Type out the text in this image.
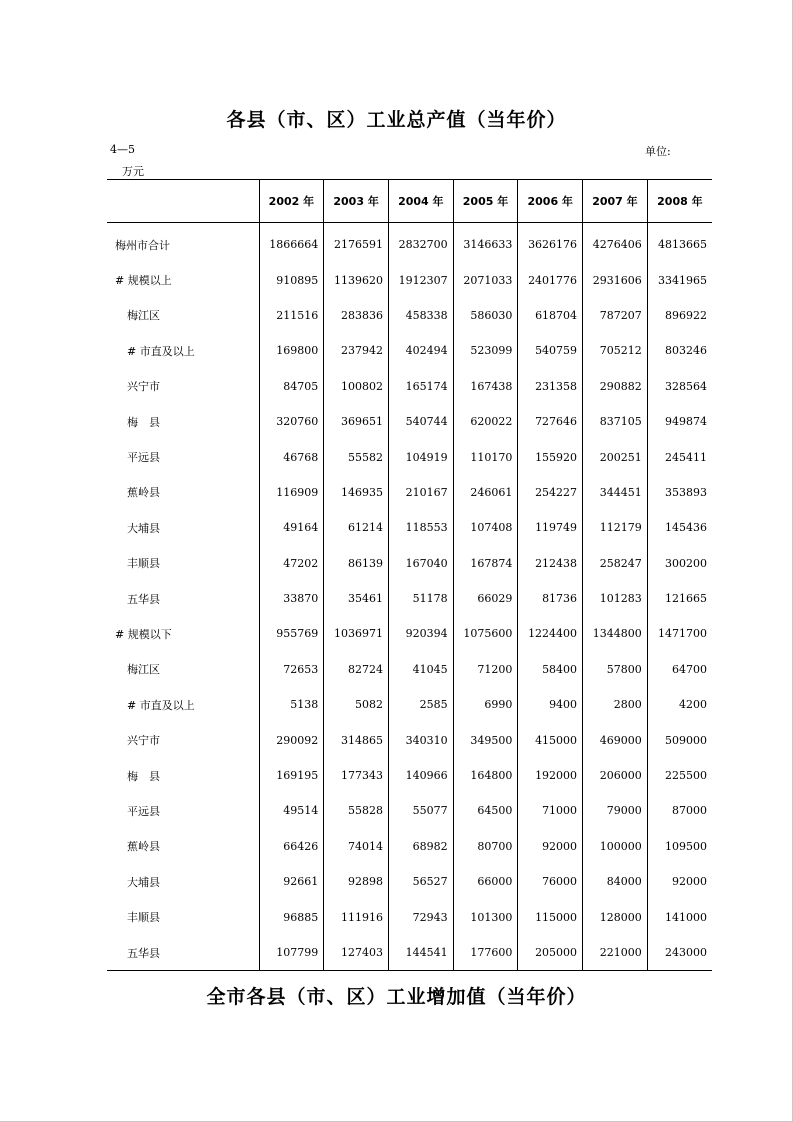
各县（市、区）工业总产值（当年价）
4—5	单位:
万元
	2002 年	2003 年	2004 年	2005 年	2006 年	2007 年	2008 年
梅州市合计	1866664	2176591	2832700	3146633	3626176	4276406	4813665
# 规模以上	910895	1139620	1912307	2071033	2401776	2931606	3341965
梅江区	211516	283836	458338	586030	618704	787207	896922
# 市直及以上	169800	237942	402494	523099	540759	705212	803246
兴宁市	84705	100802	165174	167438	231358	290882	328564
梅　县	320760	369651	540744	620022	727646	837105	949874
平远县	46768	55582	104919	110170	155920	200251	245411
蕉岭县	116909	146935	210167	246061	254227	344451	353893
大埔县	49164	61214	118553	107408	119749	112179	145436
丰顺县	47202	86139	167040	167874	212438	258247	300200
五华县	33870	35461	51178	66029	81736	101283	121665
# 规模以下	955769	1036971	920394	1075600	1224400	1344800	1471700
梅江区	72653	82724	41045	71200	58400	57800	64700
# 市直及以上	5138	5082	2585	6990	9400	2800	4200
兴宁市	290092	314865	340310	349500	415000	469000	509000
梅　县	169195	177343	140966	164800	192000	206000	225500
平远县	49514	55828	55077	64500	71000	79000	87000
蕉岭县	66426	74014	68982	80700	92000	100000	109500
大埔县	92661	92898	56527	66000	76000	84000	92000
丰顺县	96885	111916	72943	101300	115000	128000	141000
五华县	107799	127403	144541	177600	205000	221000	243000
全市各县（市、区）工业增加值（当年价）
